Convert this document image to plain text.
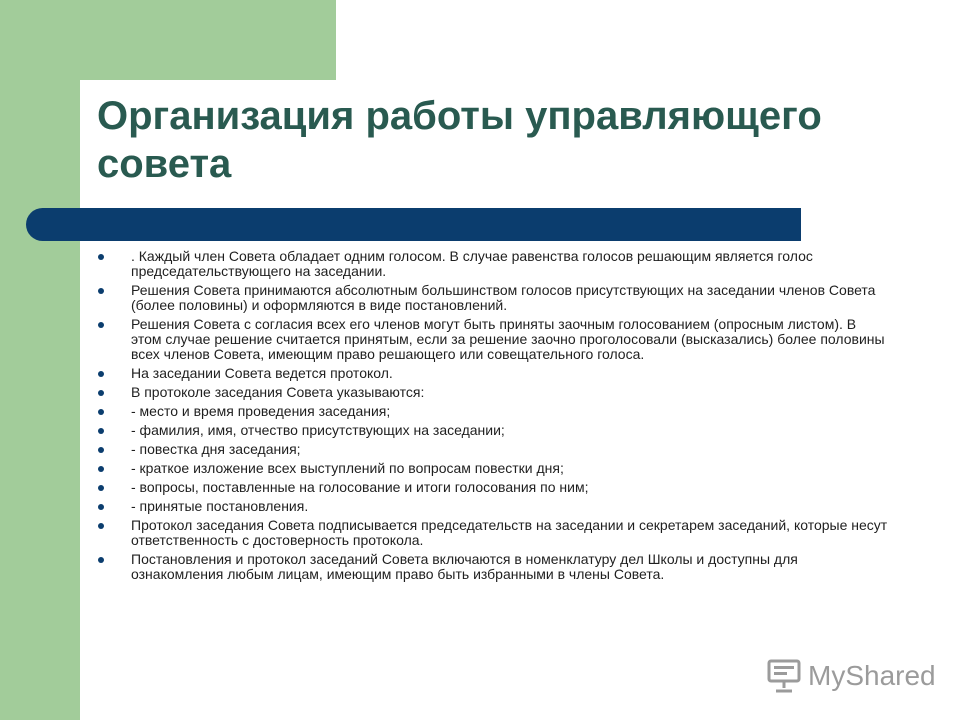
Организация работы управляющего совета
. Каждый член Совета обладает одним голосом. В случае равенства голосов решающим является голос председательствующего на заседании.
Решения Совета принимаются абсолютным большинством голосов присутствующих на заседании членов Совета (более половины) и оформляются в виде постановлений.
Решения Совета с согласия всех его членов могут быть приняты заочным голосованием (опросным листом). В этом случае решение считается принятым, если за решение заочно проголосовали (высказались) более половины всех членов Совета, имеющим право решающего или совещательного голоса.
На заседании Совета ведется протокол.
В протоколе заседания Совета указываются:
- место и время проведения заседания;
- фамилия, имя, отчество присутствующих на заседании;
- повестка дня заседания;
- краткое изложение всех выступлений по вопросам повестки дня;
- вопросы, поставленные на голосование и итоги голосования по ним;
- принятые постановления.
Протокол заседания Совета подписывается председательств на заседании и секретарем заседаний, которые несут ответственность с достоверность протокола.
Постановления и протокол заседаний Совета включаются в номенклатуру дел Школы и доступны для ознакомления любым лицам, имеющим право быть избранными в члены Совета.
MyShared
